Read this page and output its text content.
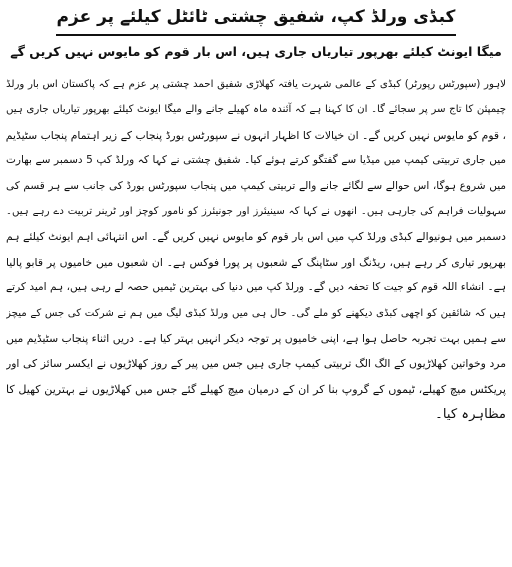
کبڈی ورلڈ کپ، شفیق چشتی ٹائٹل کیلئے پر عزم
میگا ایونٹ کیلئے بھرپور تیاریاں جاری ہیں، اس بار قوم کو مایوس نہیں کریں گے
لاہور (سپورٹس رپورٹر) کبڈی کے عالمی شہرت یافتہ کھلاڑی شفیق احمد چشتی پر عزم ہے کہ پاکستان اس بار ورلڈ
چیمپئن کا تاج سر پر سجائے گا۔ ان کا کہنا ہے کہ آئندہ ماہ کھیلے جانے والے میگا ایونٹ کیلئے بھرپور تیاریاں جاری ہیں
، قوم کو مایوس نہیں کریں گے۔ ان خیالات کا اظہار انہوں نے سپورٹس بورڈ پنجاب کے زیر اہتمام پنجاب سٹیڈیم
میں جاری تربیتی کیمپ میں میڈیا سے گفتگو کرتے ہوئے کیا۔ شفیق چشتی نے کہا کہ ورلڈ کپ 5 دسمبر سے بھارت
میں شروع ہوگا، اس حوالے سے لگائے جانے والے تربیتی کیمپ میں پنجاب سپورٹس بورڈ کی جانب سے ہر قسم کی
سہولیات فراہم کی جارہی ہیں۔ انھوں نے کہا کہ سینیئرز اور جونیئرز کو نامور کوچز اور ٹرینر تربیت دے رہے ہیں۔
دسمبر میں ہونیوالے کبڈی ورلڈ کپ میں اس بار قوم کو مایوس نہیں کریں گے۔ اس انتہائی اہم ایونٹ کیلئے ہم
بھرپور تیاری کر رہے ہیں، ریڈنگ اور سٹاپنگ کے شعبوں پر پورا فوکس ہے۔ ان شعبوں میں خامیوں پر قابو پالیا
ہے۔ انشاء اللہ قوم کو جیت کا تحفہ دیں گے۔ ورلڈ کپ میں دنیا کی بہترین ٹیمیں حصہ لے رہی ہیں، ہم امید کرتے
ہیں کہ شائقین کو اچھی کبڈی دیکھنے کو ملے گی۔ حال ہی میں ورلڈ کبڈی لیگ میں ہم نے شرکت کی جس کے میچز
سے ہمیں بہت تجربہ حاصل ہوا ہے، اپنی خامیوں پر توجہ دیکر انہیں بہتر کیا ہے۔ دریں اثناء پنجاب سٹیڈیم میں
مرد وخواتین کھلاڑیوں کے الگ الگ تربیتی کیمپ جاری ہیں جس میں پیر کے روز کھلاڑیوں نے ایکسر سائز کی اور
پریکٹس میچ کھیلے، ٹیموں کے گروپ بنا کر ان کے درمیان میچ کھیلے گئے جس میں کھلاڑیوں نے بہترین کھیل کا
مظاہرہ کیا۔
